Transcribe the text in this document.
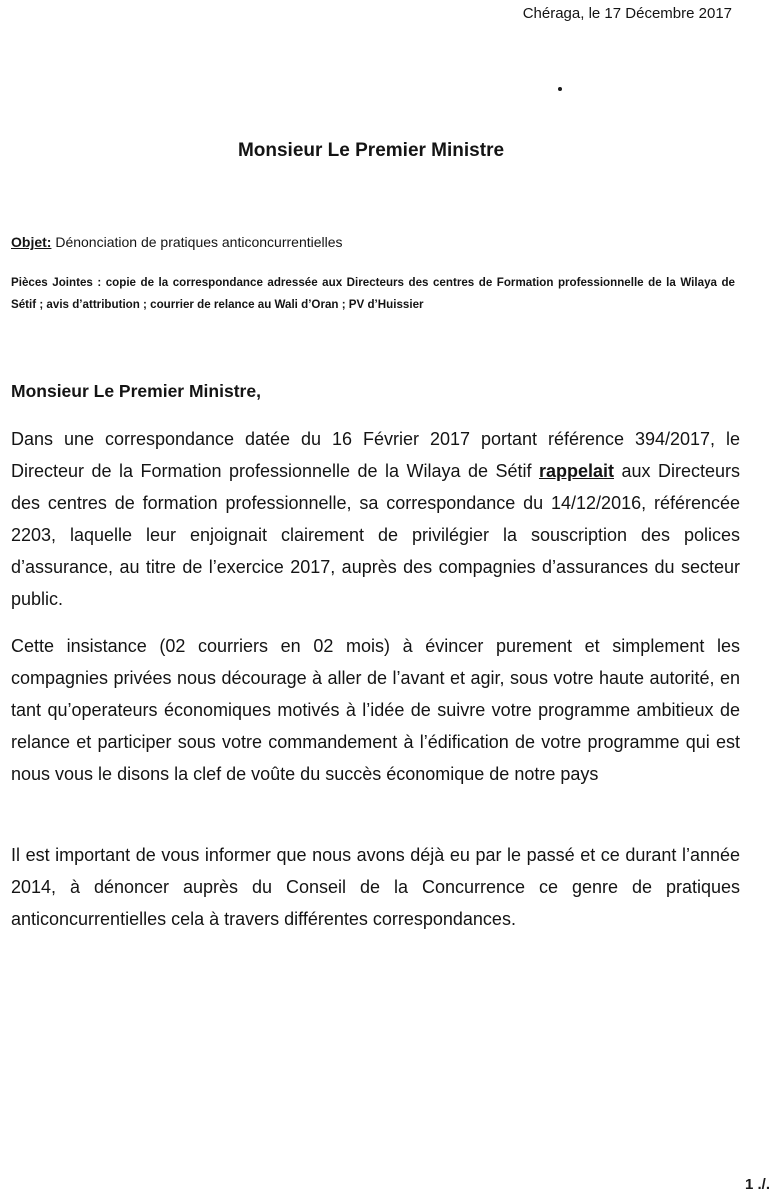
Chéraga, le 17 Décembre 2017
Monsieur Le Premier Ministre
Objet: Dénonciation de pratiques anticoncurrentielles
Pièces Jointes : copie de la correspondance adressée aux Directeurs des centres de Formation professionnelle de la Wilaya de Sétif ; avis d’attribution ; courrier de relance au Wali d’Oran ; PV d’Huissier
Monsieur Le Premier Ministre,
Dans une correspondance datée du 16 Février 2017 portant référence 394/2017, le Directeur de la Formation professionnelle de la Wilaya de Sétif rappelait aux Directeurs des centres de formation professionnelle, sa correspondance du 14/12/2016, référencée 2203, laquelle leur enjoignait clairement de privilégier la souscription des polices d’assurance, au titre de l’exercice 2017, auprès des compagnies d’assurances du secteur public.
Cette insistance (02 courriers en 02 mois) à évincer purement et simplement les compagnies privées nous décourage à aller de l’avant et agir, sous votre haute autorité, en tant qu’operateurs économiques motivés à l’idée de suivre votre programme ambitieux de relance et participer sous votre commandement à l’édification de votre programme qui est nous vous le disons la clef de voûte du succès économique de notre pays
Il est important de vous informer que nous avons déjà eu par le passé et ce durant l’année 2014, à dénoncer auprès du Conseil de la Concurrence ce genre de pratiques anticoncurrentielles cela à travers différentes correspondances.
1 ./.
